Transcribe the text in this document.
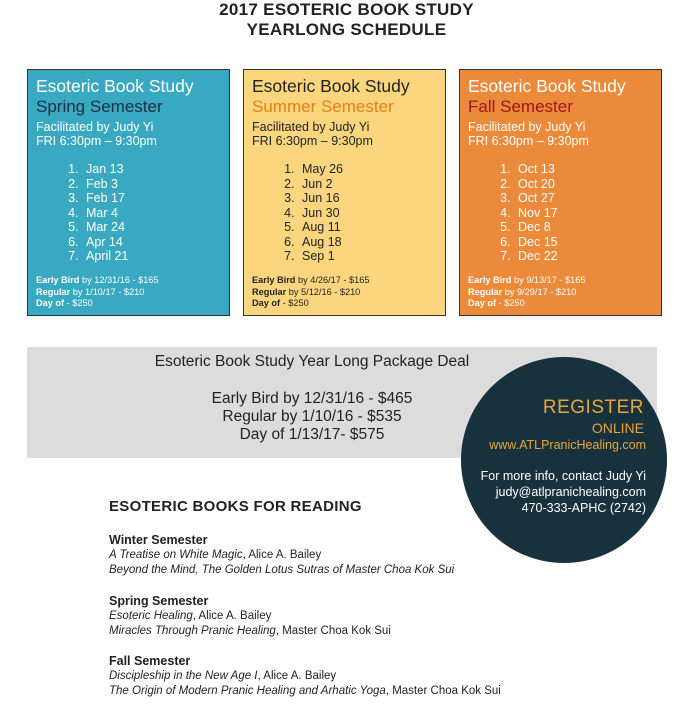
2017 ESOTERIC BOOK STUDY
YEARLONG SCHEDULE
Esoteric Book Study
Spring Semester
Facilitated by Judy Yi
FRI 6:30pm – 9:30pm
1. Jan 13
2. Feb 3
3. Feb 17
4. Mar 4
5. Mar 24
6. Apr 14
7. April 21
Early Bird by 12/31/16 - $165
Regular by 1/10/17 - $210
Day of - $250
Esoteric Book Study
Summer Semester
Facilitated by Judy Yi
FRI 6:30pm – 9:30pm
1. May 26
2. Jun 2
3. Jun 16
4. Jun 30
5. Aug 11
6. Aug 18
7. Sep 1
Early Bird by 4/26/17 - $165
Regular by 5/12/16 - $210
Day of - $250
Esoteric Book Study
Fall Semester
Facilitated by Judy Yi
FRI 6:30pm – 9:30pm
1. Oct 13
2. Oct 20
3. Oct 27
4. Nov 17
5. Dec 8
6. Dec 15
7. Dec 22
Early Bird by 9/13/17 - $165
Regular by 9/29/17 - $210
Day of - $250
Esoteric Book Study Year Long Package Deal
Early Bird by 12/31/16 - $465
Regular by 1/10/16 - $535
Day of 1/13/17- $575
REGISTER
ONLINE
www.ATLPranicHealing.com
For more info, contact Judy Yi
judy@atlpranichealing.com
470-333-APHC (2742)
ESOTERIC BOOKS FOR READING
Winter Semester
A Treatise on White Magic, Alice A. Bailey
Beyond the Mind, The Golden Lotus Sutras of Master Choa Kok Sui
Spring Semester
Esoteric Healing, Alice A. Bailey
Miracles Through Pranic Healing, Master Choa Kok Sui
Fall Semester
Discipleship in the New Age I, Alice A. Bailey
The Origin of Modern Pranic Healing and Arhatic Yoga, Master Choa Kok Sui
